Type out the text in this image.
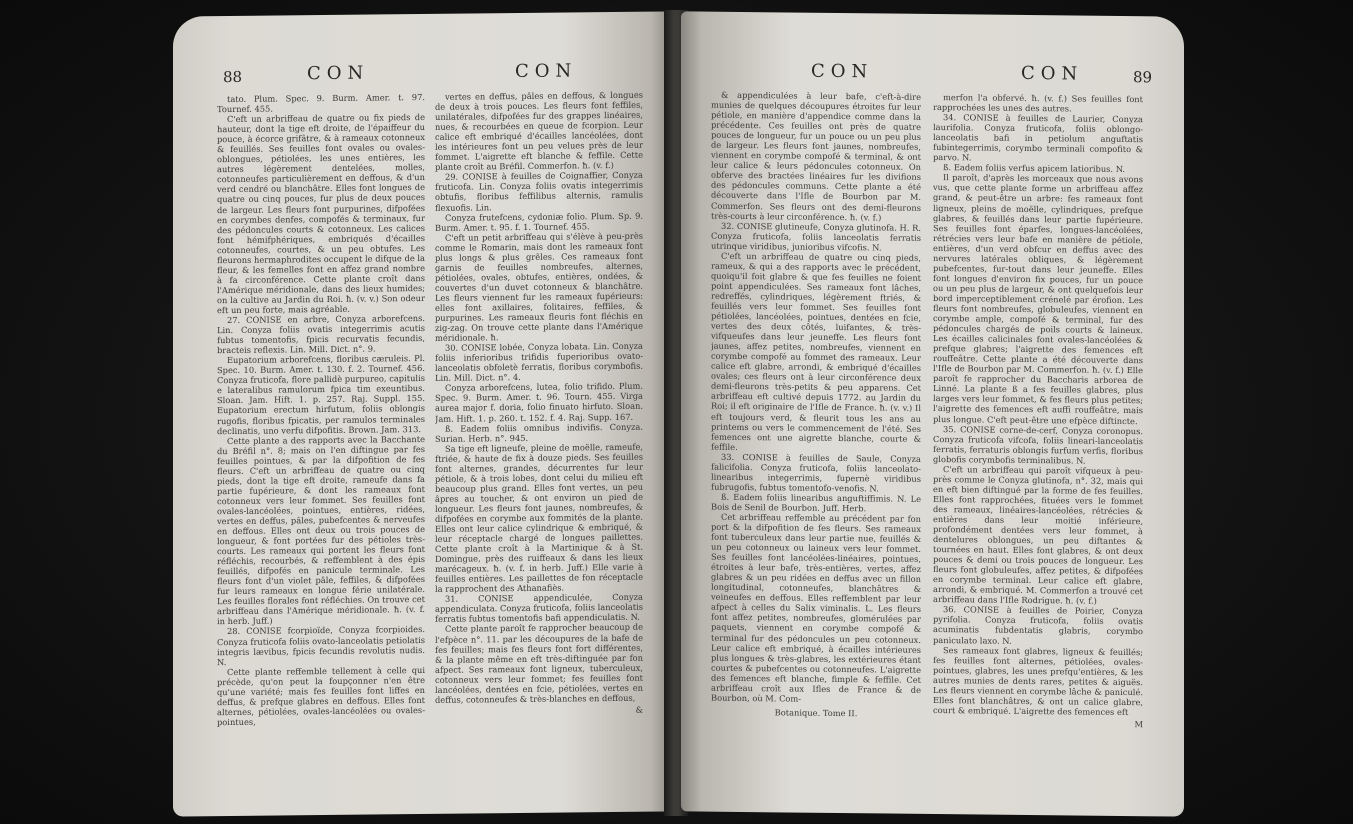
88	CON	CON

tato. Plum. Spec. 9. Burm. Amer. t. 97. Tournef. 455.

C'eft un arbriffeau de quatre ou fix pieds de hauteur, dont la tige eft droite, de l'épaiffeur du pouce, à écorce grifâtre, & à rameaux cotonneux & feuillés. Ses feuilles font ovales ou ovales-oblongues, pétiolées, les unes entières, les autres légèrement dentelées, molles, cotonneufes particulièrement en deffous, & d'un verd cendré ou blanchâtre. Elles font longues de quatre ou cinq pouces, fur plus de deux pouces de largeur. Les fleurs font purpurines, difpofées en corymbes denfes, compofés & terminaux, fur des pédoncules courts & cotonneux. Les calices font hémifphériques, embriqués d'écailles cotonneufes, courtes, & un peu obtufes. Les fleurons hermaphrodites occupent le difque de la fleur, & les femelles font en affez grand nombre à fa circonférence. Cette plante croît dans l'Amérique méridionale, dans des lieux humides; on la cultive au Jardin du Roi. ħ. (v. v.) Son odeur eft un peu forte, mais agréable.

27. CONISE en arbre, Conyza arborefcens. Lin. Conyza foliis ovatis integerrimis acutis fubtus tomentofis, fpicis recurvatis fecundis, bracteis reflexis. Lin. Mill. Dict. n°. 9.

Eupatorium arborefcens, floribus cæruleis. Pl. Spec. 10. Burm. Amer. t. 130. f. 2. Tournef. 456. Conyza fruticofa, flore pallidè purpureo, capitulis e lateralibus ramulorum fpica tim exeuntibus. Sloan. Jam. Hift. 1. p. 257. Raj. Suppl. 155. Eupatorium erectum hirfutum, foliis oblongis rugofis, floribus fpicatis, per ramulos terminales declinatis, uno verfu difpofitis. Brown. Jam. 313.

Cette plante a des rapports avec la Bacchante du Bréfil n°. 8; mais on l'en diftingue par fes feuilles pointues, & par la difpofition de fes fleurs. C'eft un arbriffeau de quatre ou cinq pieds, dont la tige eft droite, rameufe dans fa partie fupérieure, & dont les rameaux font cotonneux vers leur fommet. Ses feuilles font ovales-lancéolées, pointues, entières, ridées, vertes en deffus, pâles, pubefcentes & nerveufes en deffous. Elles ont deux ou trois pouces de longueur, & font portées fur des pétioles très-courts. Les rameaux qui portent les fleurs font réfléchis, recourbés, & reffemblent à des épis feuillés, difpofés en panicule terminale. Les fleurs font d'un violet pâle, feffiles, & difpofées fur leurs rameaux en longue férie unilatérale. Les feuilles florales font réfléchies. On trouve cet arbriffeau dans l'Amérique méridionale. ħ. (v. f. in herb. Juff.)

28. CONISE fcorpioïde, Conyza fcorpioides. Conyza fruticofa foliis ovato-lanceolatis petiolatis integris lævibus, fpicis fecundis revolutis nudis. N.

Cette plante reffemble tellement à celle qui précède, qu'on peut la foupçonner n'en être qu'une variété; mais fes feuilles font liffes en deffus, & prefque glabres en deffous. Elles font alternes, pétiolées, ovales-lancéolées ou ovales-pointues,

vertes en deffus, pâles en deffous, & longues de deux à trois pouces. Les fleurs font feffiles, unilatérales, difpofées fur des grappes linéaires, nues, & recourbées en queue de fcorpion. Leur calice eft embriqué d'écailles lancéolées, dont les intérieures font un peu velues près de leur fommet. L'aigrette eft blanche & feffile. Cette plante croît au Bréfil. Commerfon. ħ. (v. f.)

29. CONISE à feuilles de Coignaffier, Conyza fruticofa. Lin. Conyza foliis ovatis integerrimis obtufis, floribus feffilibus alternis, ramulis flexuofis. Lin.

Conyza frutefcens, cydoniæ folio. Plum. Sp. 9. Burm. Amer. t. 95. f. 1. Tournef. 455.

C'eft un petit arbriffeau qui s'élève à peu-près comme le Romarin, mais dont les rameaux font plus longs & plus grêles. Ces rameaux font garnis de feuilles nombreufes, alternes, pétiolées, ovales, obtufes, entières, ondées, & couvertes d'un duvet cotonneux & blanchâtre. Les fleurs viennent fur les rameaux fupérieurs: elles font axillaires, folitaires, feffiles, & purpurines. Les rameaux fleuris font fléchis en zig-zag. On trouve cette plante dans l'Amérique méridionale. ħ.

30. CONISE lobée, Conyza lobata. Lin. Conyza foliis inferioribus trifidis fuperioribus ovato-lanceolatis obfoletè ferratis, floribus corymbofis. Lin. Mill. Dict. n°. 4.

Conyza arborefcens, lutea, folio trifido. Plum. Spec. 9. Burm. Amer. t. 96. Tourn. 455. Virga aurea major f. doria, folio finuato hirfuto. Sloan. Jam. Hift. 1. p. 260. t. 152. f. 4. Raj. Supp. 167.

ß. Eadem foliis omnibus indivifis. Conyza. Surian. Herb. n°. 945.

Sa tige eft ligneufe, pleine de moëlle, rameufe, ftriée, & haute de fix à douze pieds. Ses feuilles font alternes, grandes, décurrentes fur leur pétiole, & à trois lobes, dont celui du milieu eft beaucoup plus grand. Elles font vertes, un peu âpres au toucher, & ont environ un pied de longueur. Les fleurs font jaunes, nombreufes, & difpofées en corymbe aux fommités de la plante. Elles ont leur calice cylindrique & embriqué, & leur réceptacle chargé de longues paillettes. Cette plante croît à la Martinique & à St. Domingue, près des ruiffeaux & dans les lieux marécageux. ħ. (v. f. in herb. Juff.) Elle varie à feuilles entières. Les paillettes de fon réceptacle la rapprochent des Athanafiès.

31. CONISE appendiculée, Conyza appendiculata. Conyza fruticofa, foliis lanceolatis ferratis fubtus tomentofis bafi appendiculatis. N.

Cette plante paroît fe rapprocher beaucoup de l'efpèce n°. 11. par les découpures de la bafe de fes feuilles; mais fes fleurs font fort différentes, & la plante même en eft très-diftinguée par fon afpect. Ses rameaux font ligneux, tuberculeux, cotonneux vers leur fommet; fes feuilles font lancéolées, dentées en fcie, pétiolées, vertes en deffus, cotonneufes & très-blanches en deffous,

&

CON	CON	89

& appendiculées à leur bafe, c'eft-à-dire munies de quelques découpures étroites fur leur pétiole, en manière d'appendice comme dans la précédente. Ces feuilles ont près de quatre pouces de longueur, fur un pouce ou un peu plus de largeur. Les fleurs font jaunes, nombreufes, viennent en corymbe compofé & terminal, & ont leur calice & leurs pédoncules cotonneux. On obferve des bractées linéaires fur les divifions des pédoncules communs. Cette plante a été découverte dans l'Ifle de Bourbon par M. Commerfon. Ses fleurs ont des demi-fleurons très-courts à leur circonférence. ħ. (v. f.)

32. CONISE glutineufe, Conyza glutinofa. H. R. Conyza fruticofa, foliis lanceolatis ferratis utrinque viridibus, junioribus vifcofis. N.

C'eft un arbriffeau de quatre ou cinq pieds, rameux, & qui a des rapports avec le précédent, quoiqu'il foit glabre & que fes feuilles ne foient point appendiculées. Ses rameaux font lâches, redreffés, cylindriques, légèrement ftriés, & feuillés vers leur fommet. Ses feuilles font pétiolées, lancéolées, pointues, dentées en fcie, vertes des deux côtés, luifantes, & très-vifqueufes dans leur jeuneffe. Les fleurs font jaunes, affez petites, nombreufes, viennent en corymbe compofé au fommet des rameaux. Leur calice eft glabre, arrondi, & embriqué d'écailles ovales; ces fleurs ont à leur circonférence deux demi-fleurons très-petits & peu apparens. Cet arbriffeau eft cultivé depuis 1772. au Jardin du Roi; il eft originaire de l'Ifle de France. ħ. (v. v.) Il eft toujours verd, & fleurit tous les ans au printems ou vers le commencement de l'été. Ses femences ont une aigrette blanche, courte & feffile.

33. CONISE à feuilles de Saule, Conyza falicifolia. Conyza fruticofa, foliis lanceolato-linearibus integerrimis, fupernè viridibus fubrugofis, fubtus tomentofo-venofis. N.

ß. Eadem foliis linearibus anguftiffimis. N. Le Bois de Senil de Bourbon. Juff. Herb.

Cet arbriffeau reffemble au précédent par fon port & la difpofition de fes fleurs. Ses rameaux font tuberculeux dans leur partie nue, feuillés & un peu cotonneux ou laineux vers leur fommet. Ses feuilles font lancéolées-linéaires, pointues, étroites à leur bafe, très-entières, vertes, affez glabres & un peu ridées en deffus avec un fillon longitudinal, cotonneufes, blanchâtres & veineufes en deffous. Elles reffemblent par leur afpect à celles du Salix viminalis. L. Les fleurs font affez petites, nombreufes, glomérulées par paquets, viennent en corymbe compofé & terminal fur des pédoncules un peu cotonneux. Leur calice eft embriqué, à écailles intérieures plus longues & très-glabres, les extérieures étant courtes & pubefcentes ou cotonneufes. L'aigrette des femences eft blanche, fimple & feffile. Cet arbriffeau croît aux Ifles de France & de Bourbon, où M. Com-

Botanique. Tome II.

merfon l'a obfervé. ħ. (v. f.) Ses feuilles font rapprochées les unes des autres.

34. CONISE à feuilles de Laurier, Conyza laurifolia. Conyza fruticofa, foliis oblongo-lanceolatis bafi in petiolum anguftatis fubintegerrimis, corymbo terminali compofito & parvo. N.

ß. Eadem foliis verfus apicem latioribus. N.

Il paroît, d'après les morceaux que nous avons vus, que cette plante forme un arbriffeau affez grand, & peut-être un arbre: fes rameaux font ligneux, pleins de moëlle, cylindriques, prefque glabres, & feuillés dans leur partie fupérieure. Ses feuilles font éparfes, longues-lancéolées, rétrécies vers leur bafe en manière de pétiole, entières, d'un verd obfcur en deffus avec des nervures latérales obliques, & légèrement pubefcentes, fur-tout dans leur jeuneffe. Elles font longues d'environ fix pouces, fur un pouce ou un peu plus de largeur, & ont quelquefois leur bord imperceptiblement crénelé par érofion. Les fleurs font nombreufes, globuleufes, viennent en corymbe ample, compofé & terminal, fur des pédoncules chargés de poils courts & laineux. Les écailles calicinales font ovales-lancéolées & prefque glabres; l'aigrette des femences eft rouffeâtre. Cette plante a été découverte dans l'Ifle de Bourbon par M. Commerfon. ħ. (v. f.) Elle paroît fe rapprocher du Baccharis arborea de Linné. La plante ß a fes feuilles glabres, plus larges vers leur fommet, & fes fleurs plus petites; l'aigrette des femences eft auffi rouffeâtre, mais plus longue. C'eft peut-être une efpèce diftincte.

35. CONISE corne-de-cerf, Conyza coronopus. Conyza fruticofa vifcofa, foliis lineari-lanceolatis ferratis, ferraturis oblongis furfum verfis, floribus globofis corymbofis terminalibus. N.

C'eft un arbriffeau qui paroît vifqueux à peu-près comme le Conyza glutinofa, n°. 32, mais qui en eft bien diftingué par la forme de fes feuilles. Elles font rapprochées, fituées vers le fommet des rameaux, linéaires-lancéolées, rétrécies & entières dans leur moitié inférieure, profondément dentées vers leur fommet, à dentelures oblongues, un peu diftantes & tournées en haut. Elles font glabres, & ont deux pouces & demi ou trois pouces de longueur. Les fleurs font globuleufes, affez petites, & difpofées en corymbe terminal. Leur calice eft glabre, arrondi, & embriqué. M. Commerfon a trouvé cet arbriffeau dans l'Ifle Rodrigue. ħ. (v. f.)

36. CONISE à feuilles de Poirier, Conyza pyrifolia. Conyza fruticofa, foliis ovatis acuminatis fubdentatis glabris, corymbo paniculato laxo. N.

Ses rameaux font glabres, ligneux & feuillés; fes feuilles font alternes, pétiolées, ovales-pointues, glabres, les unes prefqu'entières, & les autres munies de dents rares, petites & aiguës. Les fleurs viennent en corymbe lâche & paniculé. Elles font blanchâtres, & ont un calice glabre, court & embriqué. L'aigrette des femences eft

M
